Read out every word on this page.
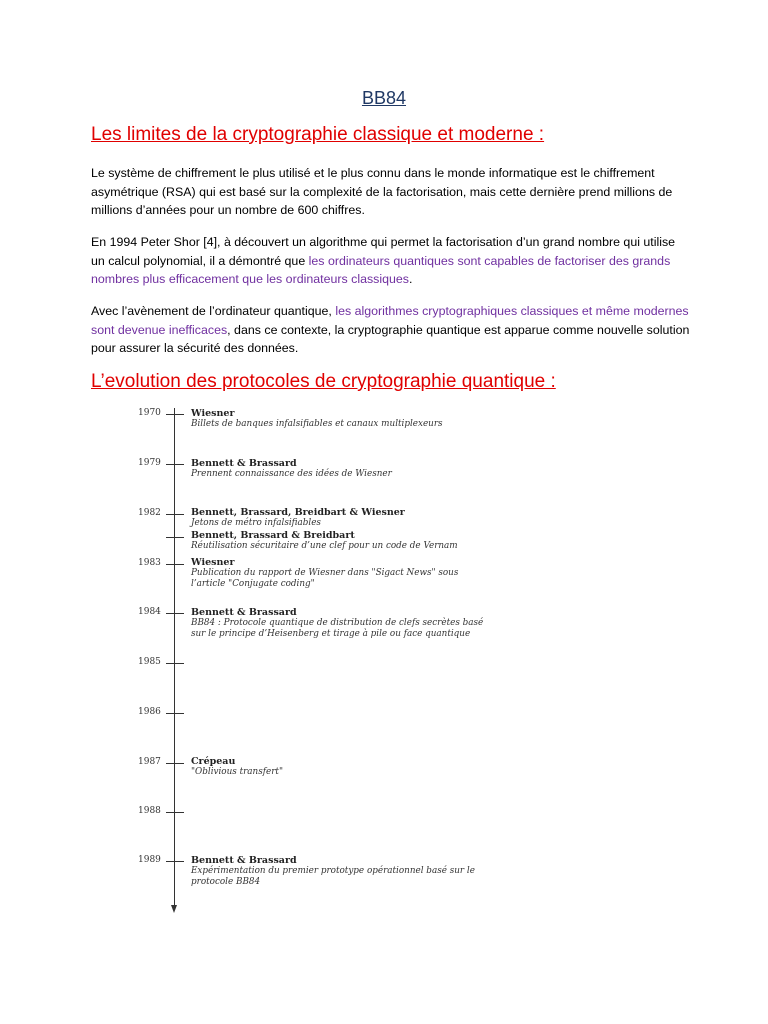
BB84
Les limites de la cryptographie classique et moderne :
Le système de chiffrement le plus utilisé et le plus connu dans le monde informatique est le chiffrement asymétrique (RSA) qui est basé sur la complexité de la factorisation, mais cette dernière prend millions de millions d’années pour un nombre de 600 chiffres.
En 1994 Peter Shor [4], à découvert un algorithme qui permet la factorisation d’un grand nombre qui utilise un calcul polynomial, il a démontré que les ordinateurs quantiques sont capables de factoriser des grands nombres plus efficacement que les ordinateurs classiques.
Avec l’avènement de l’ordinateur quantique, les algorithmes cryptographiques classiques et même modernes sont devenue inefficaces, dans ce contexte, la cryptographie quantique est apparue comme nouvelle solution pour assurer la sécurité des données.
L’evolution des protocoles de cryptographie quantique :
1970
1979
1982
1983
1984
1985
1986
1987
1988
1989
Wiesner
Billets de banques infalsifiables et canaux multiplexeurs
Bennett & Brassard
Prennent connaissance des idées de Wiesner
Bennett, Brassard, Breidbart & Wiesner
Jetons de métro infalsifiables
Bennett, Brassard & Breidbart
Réutilisation sécuritaire d’une clef pour un code de Vernam
Wiesner
Publication du rapport de Wiesner dans "Sigact News" sous l’article "Conjugate coding"
Bennett & Brassard
BB84 : Protocole quantique de distribution de clefs secrètes basé sur le principe d’Heisenberg et tirage à pile ou face quantique
Crépeau
"Oblivious transfert"
Bennett & Brassard
Expérimentation du premier prototype opérationnel basé sur le protocole BB84
